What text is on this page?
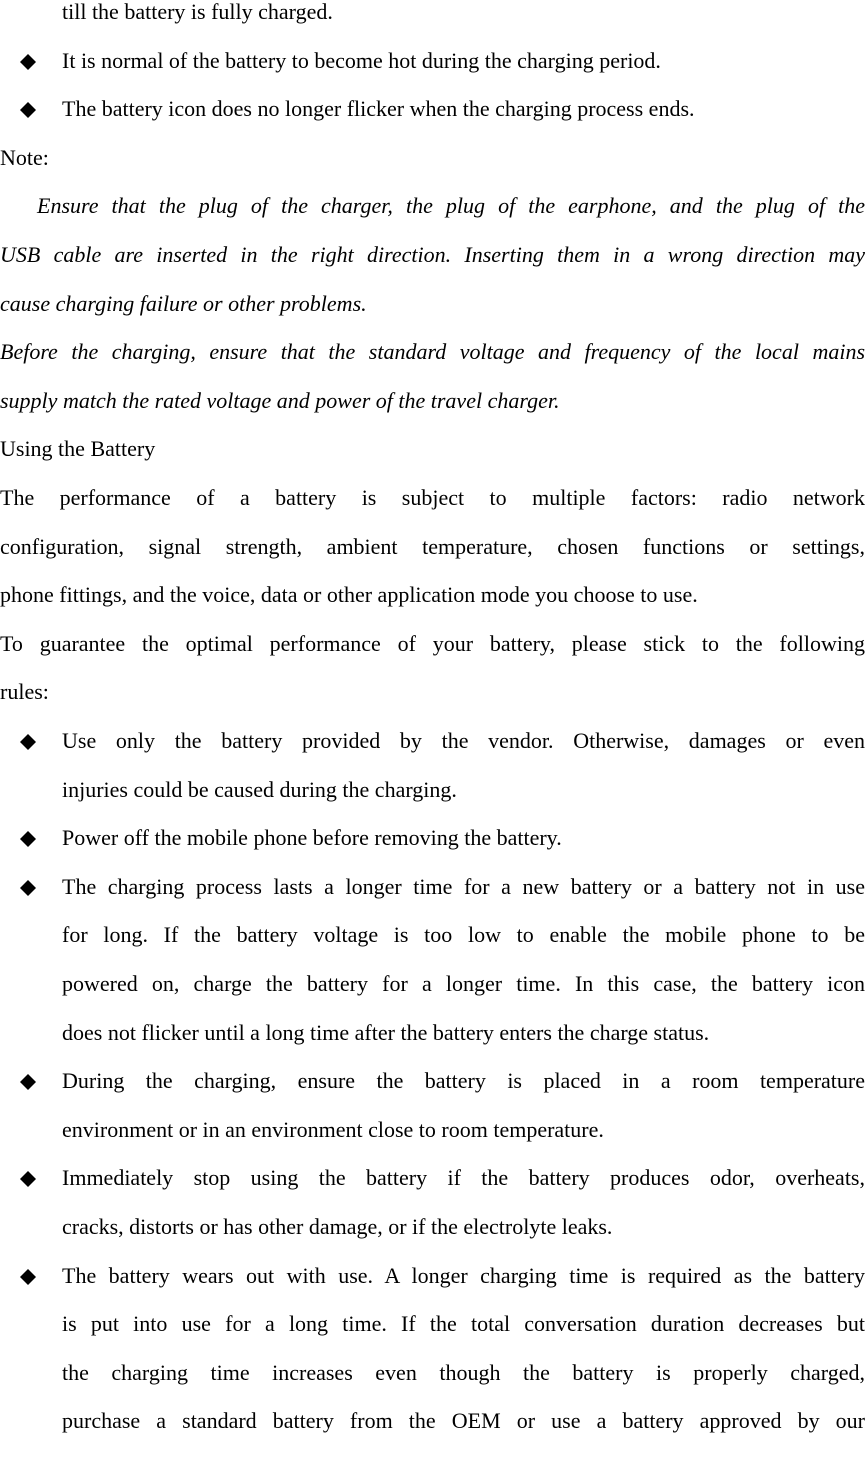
till the battery is fully charged.
It is normal of the battery to become hot during the charging period.
The battery icon does no longer flicker when the charging process ends.
Note:
Ensure that the plug of the charger, the plug of the earphone, and the plug of the
USB cable are inserted in the right direction. Inserting them in a wrong direction may
cause charging failure or other problems.
Before the charging, ensure that the standard voltage and frequency of the local mains
supply match the rated voltage and power of the travel charger.
Using the Battery
The performance of a battery is subject to multiple factors: radio network
configuration, signal strength, ambient temperature, chosen functions or settings,
phone fittings, and the voice, data or other application mode you choose to use.
To guarantee the optimal performance of your battery, please stick to the following
rules:
Use only the battery provided by the vendor. Otherwise, damages or even
injuries could be caused during the charging.
Power off the mobile phone before removing the battery.
The charging process lasts a longer time for a new battery or a battery not in use
for long. If the battery voltage is too low to enable the mobile phone to be
powered on, charge the battery for a longer time. In this case, the battery icon
does not flicker until a long time after the battery enters the charge status.
During the charging, ensure the battery is placed in a room temperature
environment or in an environment close to room temperature.
Immediately stop using the battery if the battery produces odor, overheats,
cracks, distorts or has other damage, or if the electrolyte leaks.
The battery wears out with use. A longer charging time is required as the battery
is put into use for a long time. If the total conversation duration decreases but
the charging time increases even though the battery is properly charged,
purchase a standard battery from the OEM or use a battery approved by our
